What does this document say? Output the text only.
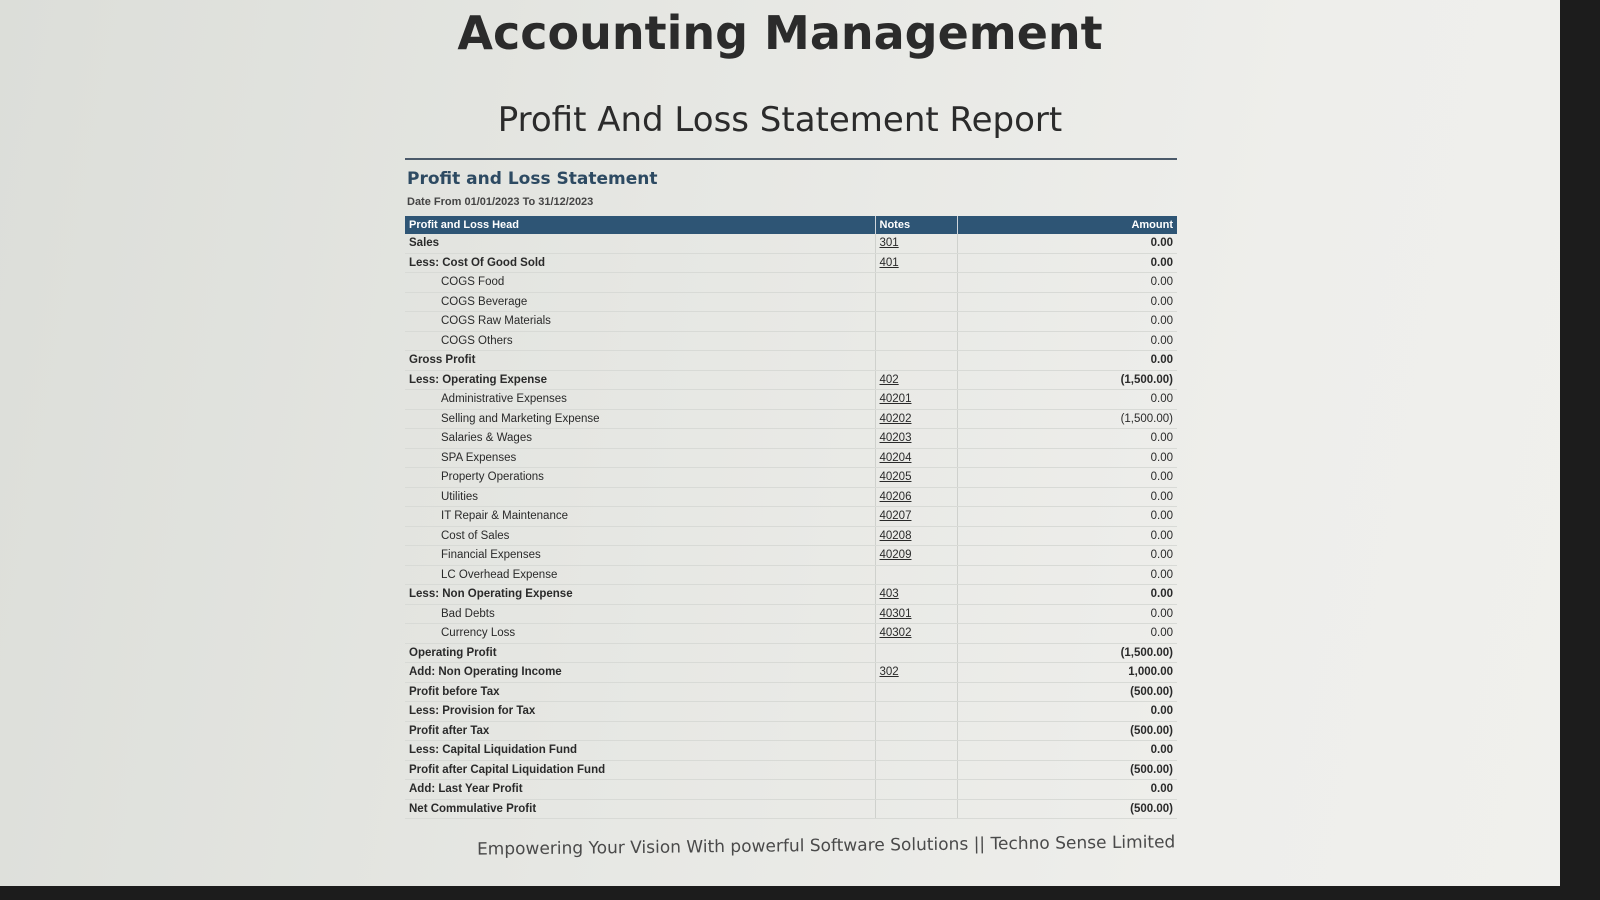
Accounting Management
Profit And Loss Statement Report
Profit and Loss Statement
Date From 01/01/2023 To 31/12/2023
Profit and Loss Head	Notes	Amount
Sales	301	0.00
Less: Cost Of Good Sold	401	0.00
COGS Food		0.00
COGS Beverage		0.00
COGS Raw Materials		0.00
COGS Others		0.00
Gross Profit		0.00
Less: Operating Expense	402	(1,500.00)
Administrative Expenses	40201	0.00
Selling and Marketing Expense	40202	(1,500.00)
Salaries & Wages	40203	0.00
SPA Expenses	40204	0.00
Property Operations	40205	0.00
Utilities	40206	0.00
IT Repair & Maintenance	40207	0.00
Cost of Sales	40208	0.00
Financial Expenses	40209	0.00
LC Overhead Expense		0.00
Less: Non Operating Expense	403	0.00
Bad Debts	40301	0.00
Currency Loss	40302	0.00
Operating Profit		(1,500.00)
Add: Non Operating Income	302	1,000.00
Profit before Tax		(500.00)
Less: Provision for Tax		0.00
Profit after Tax		(500.00)
Less: Capital Liquidation Fund		0.00
Profit after Capital Liquidation Fund		(500.00)
Add: Last Year Profit		0.00
Net Commulative Profit		(500.00)
Empowering Your Vision With powerful Software Solutions || Techno Sense Limited
